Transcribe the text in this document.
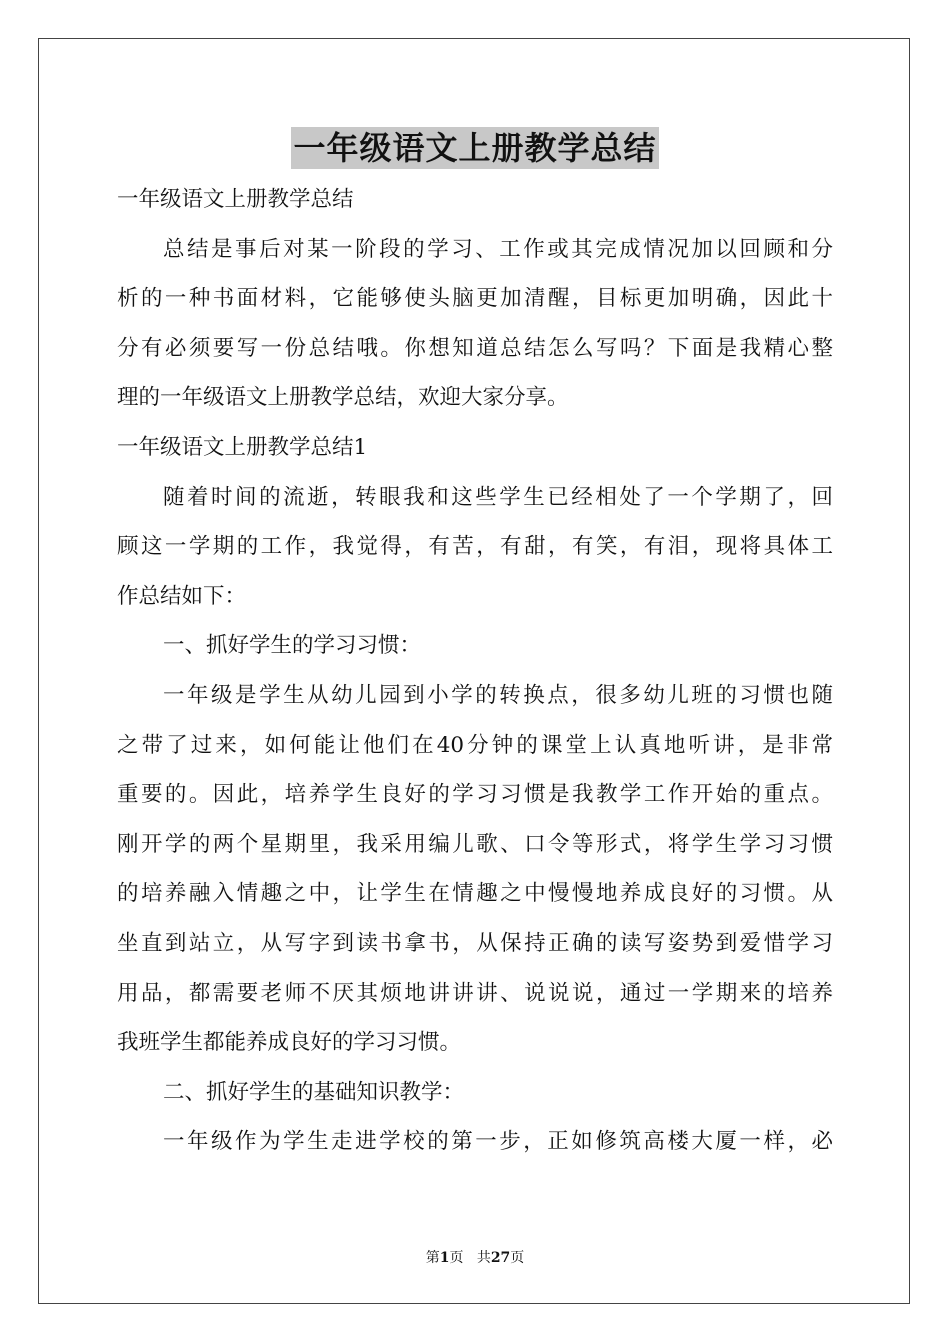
一年级语文上册教学总结
一年级语文上册教学总结
总结是事后对某一阶段的学习、工作或其完成情况加以回顾和分
析的一种书面材料，它能够使头脑更加清醒，目标更加明确，因此十
分有必须要写一份总结哦。你想知道总结怎么写吗？下面是我精心整
理的一年级语文上册教学总结，欢迎大家分享。
一年级语文上册教学总结1
随着时间的流逝，转眼我和这些学生已经相处了一个学期了，回
顾这一学期的工作，我觉得，有苦，有甜，有笑，有泪，现将具体工
作总结如下：
一、抓好学生的学习习惯：
一年级是学生从幼儿园到小学的转换点，很多幼儿班的习惯也随
之带了过来，如何能让他们在40分钟的课堂上认真地听讲，是非常
重要的。因此，培养学生良好的学习习惯是我教学工作开始的重点。
刚开学的两个星期里，我采用编儿歌、口令等形式，将学生学习习惯
的培养融入情趣之中，让学生在情趣之中慢慢地养成良好的习惯。从
坐直到站立，从写字到读书拿书，从保持正确的读写姿势到爱惜学习
用品，都需要老师不厌其烦地讲讲讲、说说说，通过一学期来的培养
我班学生都能养成良好的学习习惯。
二、抓好学生的基础知识教学：
一年级作为学生走进学校的第一步，正如修筑高楼大厦一样，必
第1页 共27页
